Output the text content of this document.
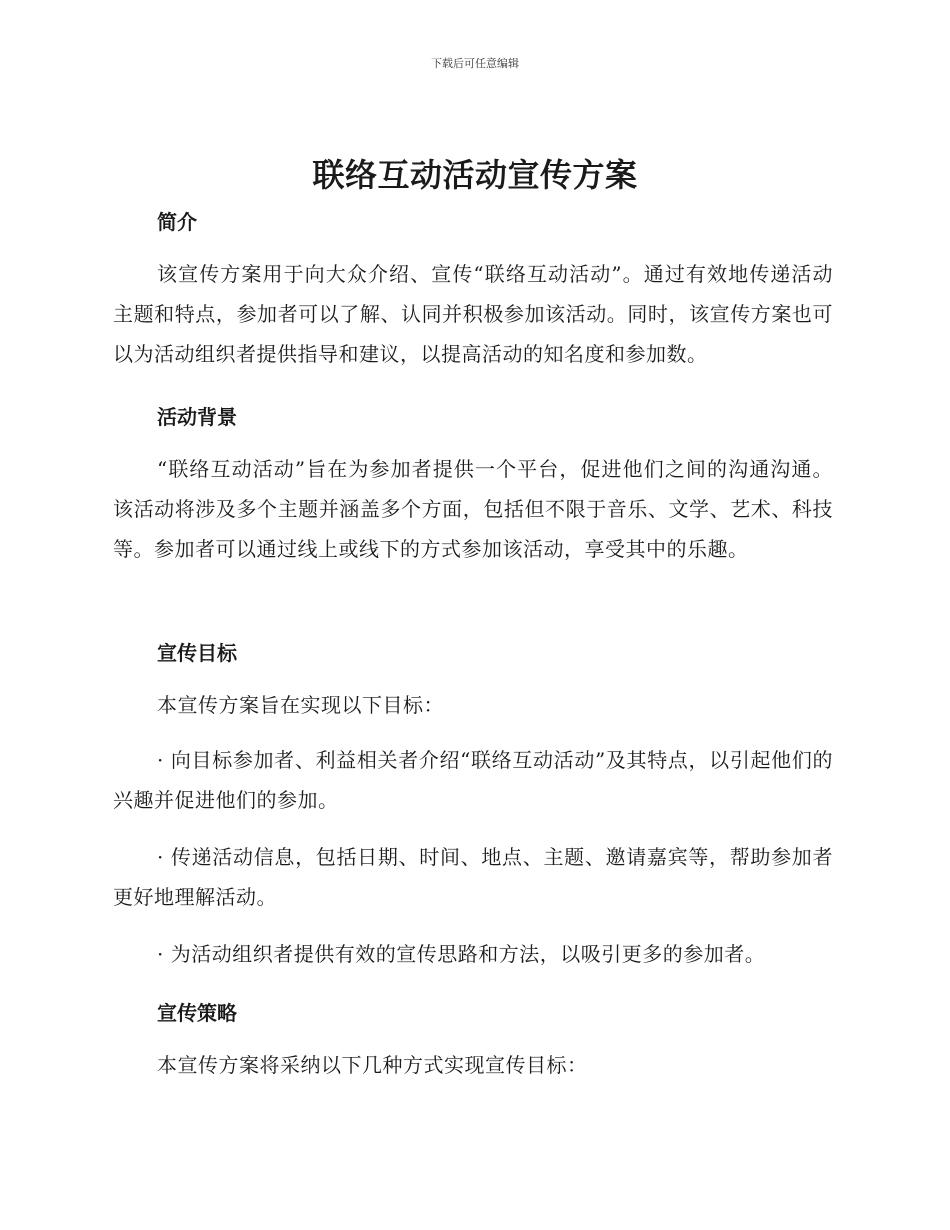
下载后可任意编辑
联络互动活动宣传方案
简介

该宣传方案用于向大众介绍、宣传“联络互动活动”。通过有效地传递活动主题和特点，参加者可以了解、认同并积极参加该活动。同时，该宣传方案也可以为活动组织者提供指导和建议，以提高活动的知名度和参加数。

活动背景

“联络互动活动”旨在为参加者提供一个平台，促进他们之间的沟通沟通。该活动将涉及多个主题并涵盖多个方面，包括但不限于音乐、文学、艺术、科技等。参加者可以通过线上或线下的方式参加该活动，享受其中的乐趣。

宣传目标

本宣传方案旨在实现以下目标：

· 向目标参加者、利益相关者介绍“联络互动活动”及其特点，以引起他们的兴趣并促进他们的参加。

· 传递活动信息，包括日期、时间、地点、主题、邀请嘉宾等，帮助参加者更好地理解活动。

· 为活动组织者提供有效的宣传思路和方法，以吸引更多的参加者。

宣传策略

本宣传方案将采纳以下几种方式实现宣传目标：
